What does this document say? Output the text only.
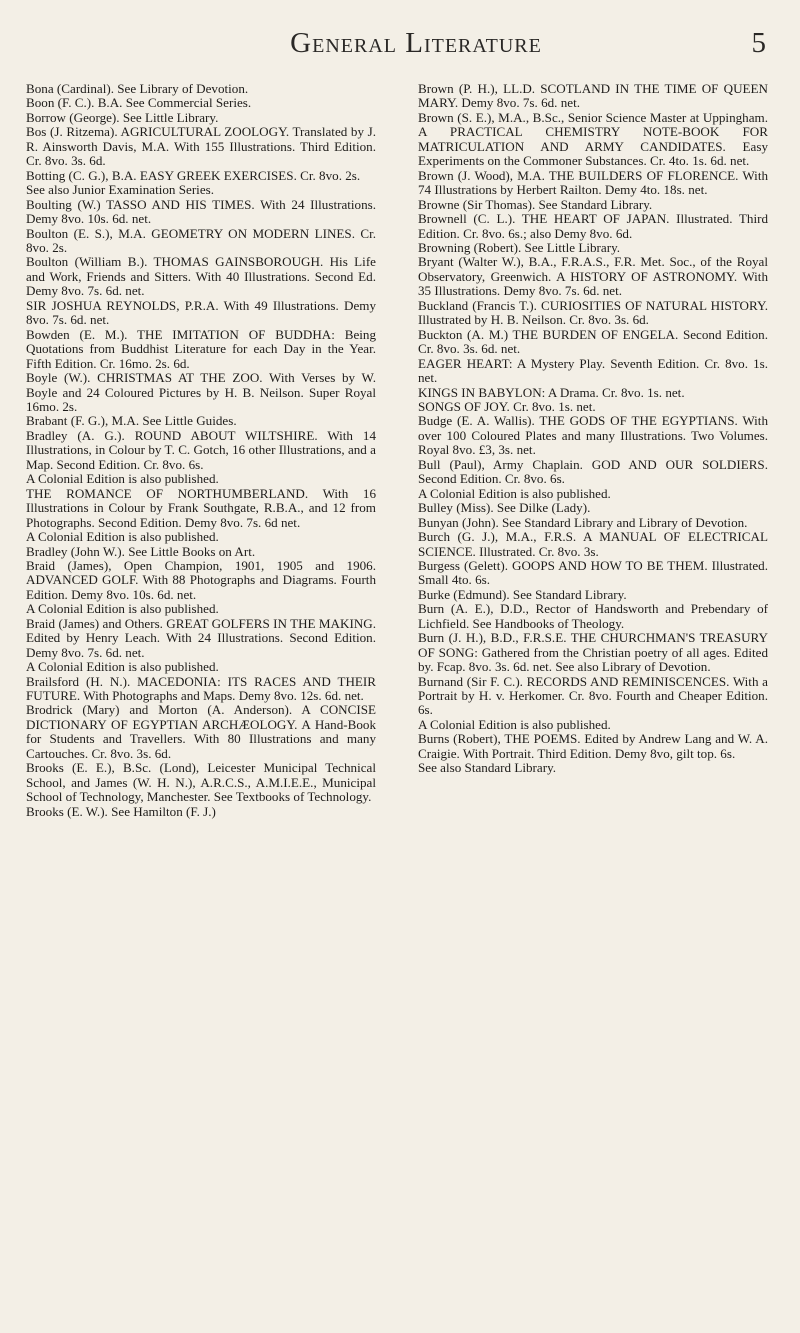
General Literature	5

Bona (Cardinal). See Library of Devotion.

Boon (F. C.). B.A. See Commercial Series.

Borrow (George). See Little Library.

Bos (J. Ritzema). AGRICULTURAL ZOOLOGY. Translated by J. R. Ainsworth Davis, M.A. With 155 Illustrations. Third Edition. Cr. 8vo. 3s. 6d.

Botting (C. G.), B.A. EASY GREEK EXERCISES. Cr. 8vo. 2s.

See also Junior Examination Series.

Boulting (W.) TASSO AND HIS TIMES. With 24 Illustrations. Demy 8vo. 10s. 6d. net.

Boulton (E. S.), M.A. GEOMETRY ON MODERN LINES. Cr. 8vo. 2s.

Boulton (William B.). THOMAS GAINSBOROUGH. His Life and Work, Friends and Sitters. With 40 Illustrations. Second Ed. Demy 8vo. 7s. 6d. net.

SIR JOSHUA REYNOLDS, P.R.A. With 49 Illustrations. Demy 8vo. 7s. 6d. net.

Bowden (E. M.). THE IMITATION OF BUDDHA: Being Quotations from Buddhist Literature for each Day in the Year. Fifth Edition. Cr. 16mo. 2s. 6d.

Boyle (W.). CHRISTMAS AT THE ZOO. With Verses by W. Boyle and 24 Coloured Pictures by H. B. Neilson. Super Royal 16mo. 2s.

Brabant (F. G.), M.A. See Little Guides.

Bradley (A. G.). ROUND ABOUT WILTSHIRE. With 14 Illustrations, in Colour by T. C. Gotch, 16 other Illustrations, and a Map. Second Edition. Cr. 8vo. 6s.

A Colonial Edition is also published.

THE ROMANCE OF NORTHUMBERLAND. With 16 Illustrations in Colour by Frank Southgate, R.B.A., and 12 from Photographs. Second Edition. Demy 8vo. 7s. 6d net.

A Colonial Edition is also published.

Bradley (John W.). See Little Books on Art.

Braid (James), Open Champion, 1901, 1905 and 1906. ADVANCED GOLF. With 88 Photographs and Diagrams. Fourth Edition. Demy 8vo. 10s. 6d. net.

A Colonial Edition is also published.

Braid (James) and Others. GREAT GOLFERS IN THE MAKING. Edited by Henry Leach. With 24 Illustrations. Second Edition. Demy 8vo. 7s. 6d. net.

A Colonial Edition is also published.

Brailsford (H. N.). MACEDONIA: ITS RACES AND THEIR FUTURE. With Photographs and Maps. Demy 8vo. 12s. 6d. net.

Brodrick (Mary) and Morton (A. Anderson). A CONCISE DICTIONARY OF EGYPTIAN ARCHÆOLOGY. A Hand-Book for Students and Travellers. With 80 Illustrations and many Cartouches. Cr. 8vo. 3s. 6d.

Brooks (E. E.), B.Sc. (Lond), Leicester Municipal Technical School, and James (W. H. N.), A.R.C.S., A.M.I.E.E., Municipal School of Technology, Manchester. See Textbooks of Technology.

Brooks (E. W.). See Hamilton (F. J.)

Brown (P. H.), LL.D. SCOTLAND IN THE TIME OF QUEEN MARY. Demy 8vo. 7s. 6d. net.

Brown (S. E.), M.A., B.Sc., Senior Science Master at Uppingham. A PRACTICAL CHEMISTRY NOTE-BOOK FOR MATRICULATION AND ARMY CANDIDATES. Easy Experiments on the Commoner Substances. Cr. 4to. 1s. 6d. net.

Brown (J. Wood), M.A. THE BUILDERS OF FLORENCE. With 74 Illustrations by Herbert Railton. Demy 4to. 18s. net.

Browne (Sir Thomas). See Standard Library.

Brownell (C. L.). THE HEART OF JAPAN. Illustrated. Third Edition. Cr. 8vo. 6s.; also Demy 8vo. 6d.

Browning (Robert). See Little Library.

Bryant (Walter W.), B.A., F.R.A.S., F.R. Met. Soc., of the Royal Observatory, Greenwich. A HISTORY OF ASTRONOMY. With 35 Illustrations. Demy 8vo. 7s. 6d. net.

Buckland (Francis T.). CURIOSITIES OF NATURAL HISTORY. Illustrated by H. B. Neilson. Cr. 8vo. 3s. 6d.

Buckton (A. M.) THE BURDEN OF ENGELA. Second Edition. Cr. 8vo. 3s. 6d. net.

EAGER HEART: A Mystery Play. Seventh Edition. Cr. 8vo. 1s. net.

KINGS IN BABYLON: A Drama. Cr. 8vo. 1s. net.

SONGS OF JOY. Cr. 8vo. 1s. net.

Budge (E. A. Wallis). THE GODS OF THE EGYPTIANS. With over 100 Coloured Plates and many Illustrations. Two Volumes. Royal 8vo. £3, 3s. net.

Bull (Paul), Army Chaplain. GOD AND OUR SOLDIERS. Second Edition. Cr. 8vo. 6s.

A Colonial Edition is also published.

Bulley (Miss). See Dilke (Lady).

Bunyan (John). See Standard Library and Library of Devotion.

Burch (G. J.), M.A., F.R.S. A MANUAL OF ELECTRICAL SCIENCE. Illustrated. Cr. 8vo. 3s.

Burgess (Gelett). GOOPS AND HOW TO BE THEM. Illustrated. Small 4to. 6s.

Burke (Edmund). See Standard Library.

Burn (A. E.), D.D., Rector of Handsworth and Prebendary of Lichfield. See Handbooks of Theology.

Burn (J. H.), B.D., F.R.S.E. THE CHURCHMAN'S TREASURY OF SONG: Gathered from the Christian poetry of all ages. Edited by. Fcap. 8vo. 3s. 6d. net. See also Library of Devotion.

Burnand (Sir F. C.). RECORDS AND REMINISCENCES. With a Portrait by H. v. Herkomer. Cr. 8vo. Fourth and Cheaper Edition. 6s.

A Colonial Edition is also published.

Burns (Robert), THE POEMS. Edited by Andrew Lang and W. A. Craigie. With Portrait. Third Edition. Demy 8vo, gilt top. 6s.

See also Standard Library.
